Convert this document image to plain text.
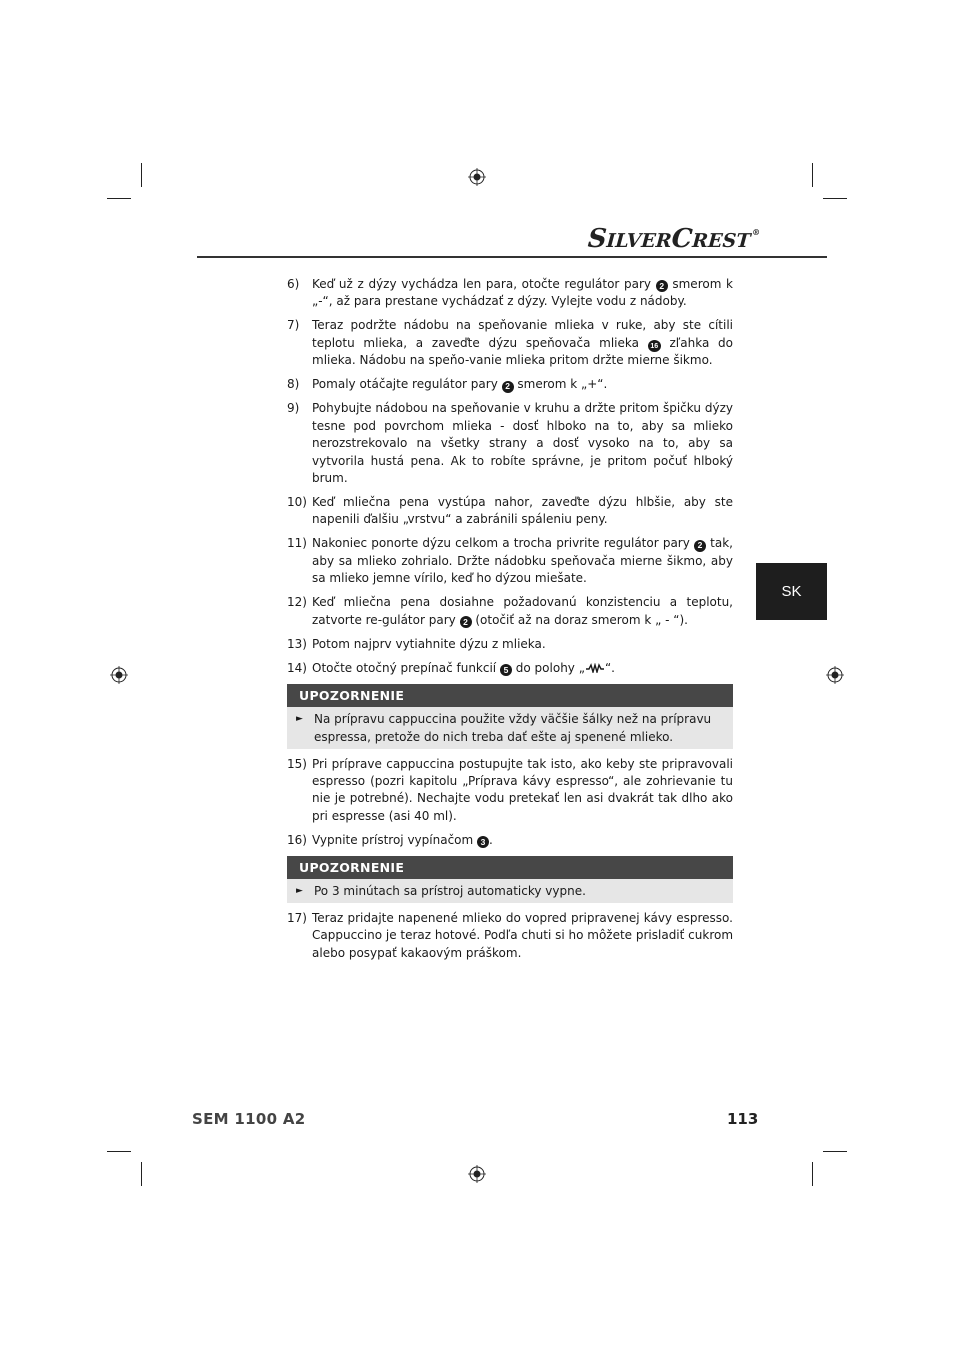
SILVERCREST®
SK
6)	Keď už z dýzy vychádza len para, otočte regulátor pary 2 smerom k „-“, až para prestane vychádzať z dýzy. Vylejte vodu z nádoby.
7)	Teraz podržte nádobu na speňovanie mlieka v ruke, aby ste cítili teplotu mlieka, a zaveďte dýzu speňovača mlieka 16 zľahka do mlieka. Nádobu na speňo-vanie mlieka pritom držte mierne šikmo.
8)	Pomaly otáčajte regulátor pary 2 smerom k „+“.
9)	Pohybujte nádobou na speňovanie v kruhu a držte pritom špičku dýzy tesne pod povrchom mlieka - dosť hlboko na to, aby sa mlieko nerozstrekovalo na všetky strany a dosť vysoko na to, aby sa vytvorila hustá pena. Ak to robíte správne, je pritom počuť hlboký brum.
10) Keď mliečna pena vystúpa nahor, zaveďte dýzu hlbšie, aby ste napenili ďalšiu „vrstvu“ a zabránili spáleniu peny.
11) Nakoniec ponorte dýzu celkom a trocha privrite regulátor pary 2 tak, aby sa mlieko zohrialo. Držte nádobku speňovača mierne šikmo, aby sa mlieko jemne vírilo, keď ho dýzou miešate.
12) Keď mliečna pena dosiahne požadovanú konzistenciu a teplotu, zatvorte re-gulátor pary 2 (otočiť až na doraz smerom k „ - “).
13) Potom najprv vytiahnite dýzu z mlieka.
14) Otočte otočný prepínač funkcií 5 do polohy „ “.
UPOZORNENIE
► Na prípravu cappuccina použite vždy väčšie šálky než na prípravu espressa, pretože do nich treba dať ešte aj spenené mlieko.
15) Pri príprave cappuccina postupujte tak isto, ako keby ste pripravovali espresso (pozri kapitolu „Príprava kávy espresso“, ale zohrievanie tu nie je potrebné). Nechajte vodu pretekať len asi dvakrát tak dlho ako pri espresse (asi 40 ml).
16) Vypnite prístroj vypínačom 3 .
UPOZORNENIE
► Po 3 minútach sa prístroj automaticky vypne.
17) Teraz pridajte napenené mlieko do vopred pripravenej kávy espresso. Cappuccino je teraz hotové. Podľa chuti si ho môžete prisladiť cukrom alebo posypať kakaovým práškom.
SEM 1100 A2	113
